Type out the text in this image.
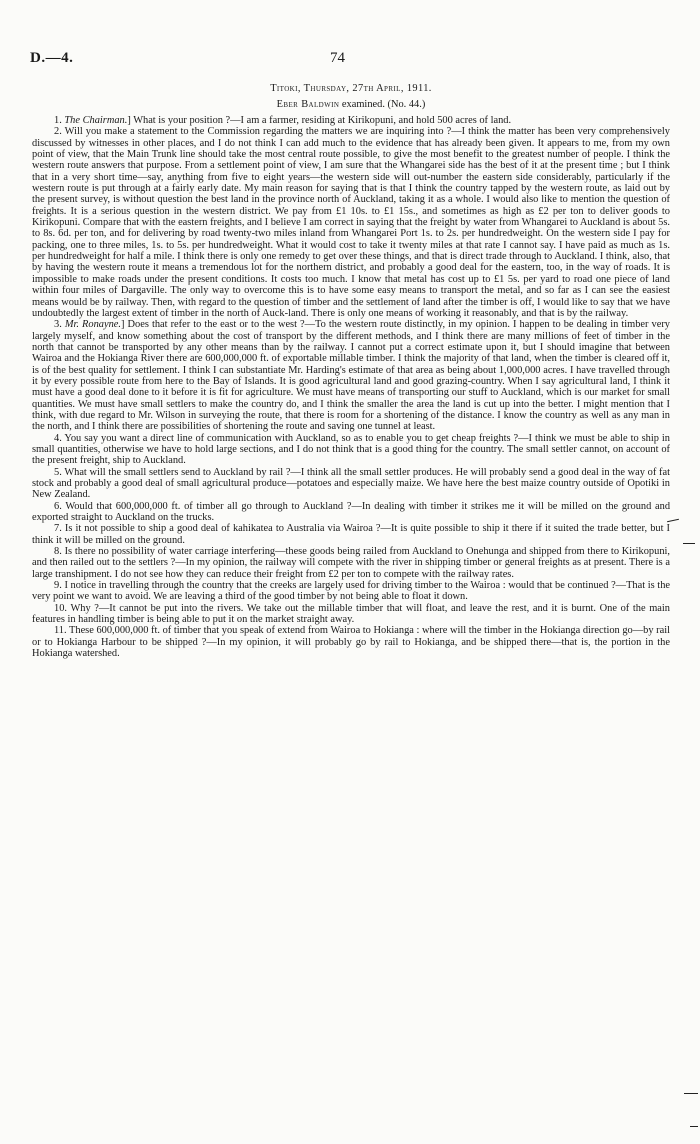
D.—4.	74

Titoki, Thursday, 27th April, 1911.

Eber Baldwin examined. (No. 44.)

1. The Chairman.] What is your position ?—I am a farmer, residing at Kirikopuni, and hold 500 acres of land.

2. Will you make a statement to the Commission regarding the matters we are inquiring into ?—I think the matter has been very comprehensively discussed by witnesses in other places, and I do not think I can add much to the evidence that has already been given. It appears to me, from my own point of view, that the Main Trunk line should take the most central route possible, to give the most benefit to the greatest number of people. I think the western route answers that purpose. From a settlement point of view, I am sure that the Whangarei side has the best of it at the present time ; but I think that in a very short time—say, anything from five to eight years—the western side will out-number the eastern side considerably, particularly if the western route is put through at a fairly early date. My main reason for saying that is that I think the country tapped by the western route, as laid out by the present survey, is without question the best land in the province north of Auckland, taking it as a whole. I would also like to mention the question of freights. It is a serious question in the western district. We pay from £1 10s. to £1 15s., and sometimes as high as £2 per ton to deliver goods to Kirikopuni. Compare that with the eastern freights, and I believe I am correct in saying that the freight by water from Whangarei to Auckland is about 5s. to 8s. 6d. per ton, and for delivering by road twenty-two miles inland from Whangarei Port 1s. to 2s. per hundredweight. On the western side I pay for packing, one to three miles, 1s. to 5s. per hundredweight. What it would cost to take it twenty miles at that rate I cannot say. I have paid as much as 1s. per hundredweight for half a mile. I think there is only one remedy to get over these things, and that is direct trade through to Auckland. I think, also, that by having the western route it means a tremendous lot for the northern district, and probably a good deal for the eastern, too, in the way of roads. It is impossible to make roads under the present conditions. It costs too much. I know that metal has cost up to £1 5s. per yard to road one piece of land within four miles of Dargaville. The only way to overcome this is to have some easy means to transport the metal, and so far as I can see the easiest means would be by railway. Then, with regard to the question of timber and the settlement of land after the timber is off, I would like to say that we have undoubtedly the largest extent of timber in the north of Auck-land. There is only one means of working it reasonably, and that is by the railway.

3. Mr. Ronayne.] Does that refer to the east or to the west ?—To the western route distinctly, in my opinion. I happen to be dealing in timber very largely myself, and know something about the cost of transport by the different methods, and I think there are many millions of feet of timber in the north that cannot be transported by any other means than by the railway. I cannot put a correct estimate upon it, but I should imagine that between Wairoa and the Hokianga River there are 600,000,000 ft. of exportable millable timber. I think the majority of that land, when the timber is cleared off it, is of the best quality for settlement. I think I can substantiate Mr. Harding's estimate of that area as being about 1,000,000 acres. I have travelled through it by every possible route from here to the Bay of Islands. It is good agricultural land and good grazing-country. When I say agricultural land, I think it must have a good deal done to it before it is fit for agriculture. We must have means of transporting our stuff to Auckland, which is our market for small quantities. We must have small settlers to make the country do, and I think the smaller the area the land is cut up into the better. I might mention that I think, with due regard to Mr. Wilson in surveying the route, that there is room for a shortening of the distance. I know the country as well as any man in the north, and I think there are possibilities of shortening the route and saving one tunnel at least.

4. You say you want a direct line of communication with Auckland, so as to enable you to get cheap freights ?—I think we must be able to ship in small quantities, otherwise we have to hold large sections, and I do not think that is a good thing for the country. The small settler cannot, on account of the present freight, ship to Auckland.

5. What will the small settlers send to Auckland by rail ?—I think all the small settler produces. He will probably send a good deal in the way of fat stock and probably a good deal of small agricultural produce—potatoes and especially maize. We have here the best maize country outside of Opotiki in New Zealand.

6. Would that 600,000,000 ft. of timber all go through to Auckland ?—In dealing with timber it strikes me it will be milled on the ground and exported straight to Auckland on the trucks.

7. Is it not possible to ship a good deal of kahikatea to Australia via Wairoa ?—It is quite possible to ship it there if it suited the trade better, but I think it will be milled on the ground.

8. Is there no possibility of water carriage interfering—these goods being railed from Auckland to Onehunga and shipped from there to Kirikopuni, and then railed out to the settlers ?—In my opinion, the railway will compete with the river in shipping timber or general freights as at present. There is a large transhipment. I do not see how they can reduce their freight from £2 per ton to compete with the railway rates.

9. I notice in travelling through the country that the creeks are largely used for driving timber to the Wairoa : would that be continued ?—That is the very point we want to avoid. We are leaving a third of the good timber by not being able to float it down.

10. Why ?—It cannot be put into the rivers. We take out the millable timber that will float, and leave the rest, and it is burnt. One of the main features in handling timber is being able to put it on the market straight away.

11. These 600,000,000 ft. of timber that you speak of extend from Wairoa to Hokianga : where will the timber in the Hokianga direction go—by rail or to Hokianga Harbour to be shipped ?—In my opinion, it will probably go by rail to Hokianga, and be shipped there—that is, the portion in the Hokianga watershed.
